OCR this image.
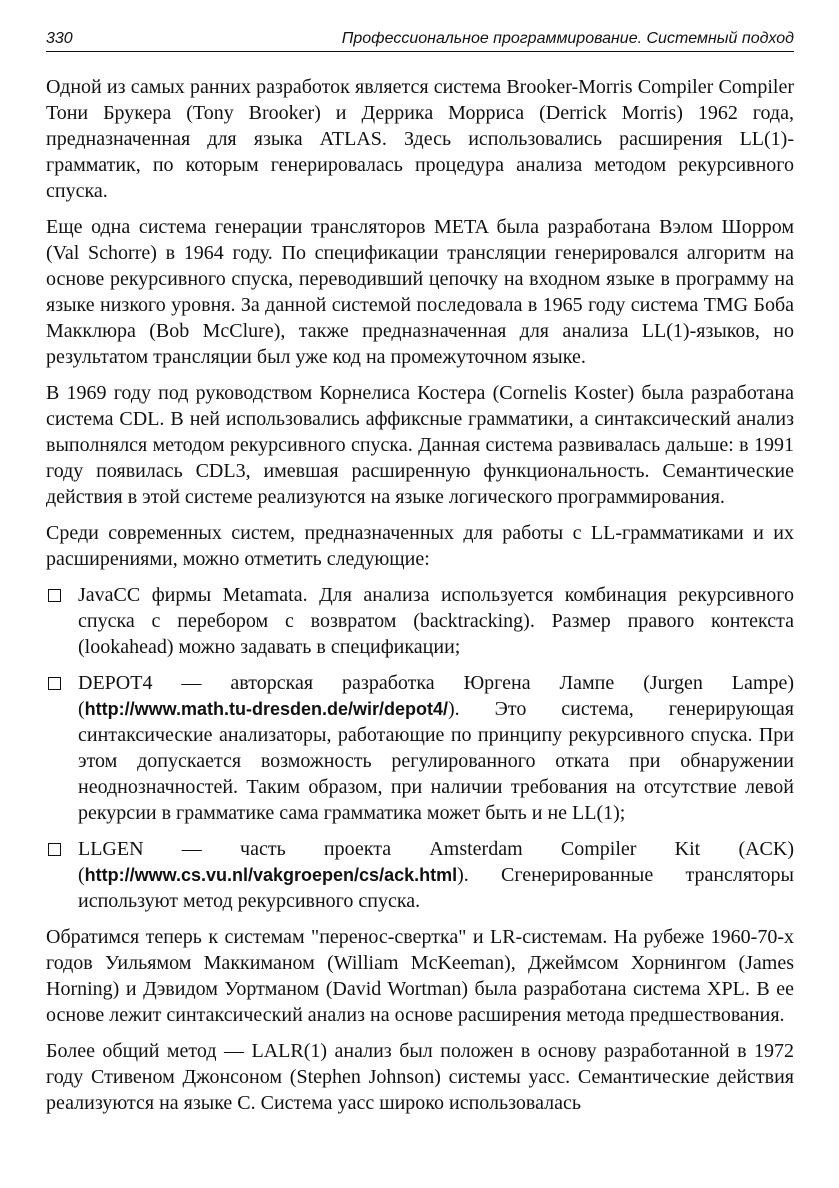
330	Профессиональное программирование. Системный подход

Одной из самых ранних разработок является система Brooker-Morris Compiler Compiler Тони Брукера (Tony Brooker) и Деррика Морриса (Derrick Morris) 1962 года, предназначенная для языка ATLAS. Здесь использовались расширения LL(1)-грамматик, по которым генерировалась процедура анализа методом рекурсивного спуска.

Еще одна система генерации трансляторов META была разработана Вэлом Шорром (Val Schorre) в 1964 году. По спецификации трансляции генерировался алгоритм на основе рекурсивного спуска, переводивший цепочку на входном языке в программу на языке низкого уровня. За данной системой последовала в 1965 году система TMG Боба Макклюра (Bob McClure), также предназначенная для анализа LL(1)-языков, но результатом трансляции был уже код на промежуточном языке.

В 1969 году под руководством Корнелиса Костера (Cornelis Koster) была разработана система CDL. В ней использовались аффиксные грамматики, а синтаксический анализ выполнялся методом рекурсивного спуска. Данная система развивалась дальше: в 1991 году появилась CDL3, имевшая расширенную функциональность. Семантические действия в этой системе реализуются на языке логического программирования.

Среди современных систем, предназначенных для работы с LL-грамматиками и их расширениями, можно отметить следующие:

JavaCC фирмы Metamata. Для анализа используется комбинация рекурсивного спуска с перебором с возвратом (backtracking). Размер правого контекста (lookahead) можно задавать в спецификации;
DEPOT4 — авторская разработка Юргена Лампе (Jurgen Lampe) (http://www.math.tu-dresden.de/wir/depot4/). Это система, генерирующая синтаксические анализаторы, работающие по принципу рекурсивного спуска. При этом допускается возможность регулированного отката при обнаружении неоднозначностей. Таким образом, при наличии требования на отсутствие левой рекурсии в грамматике сама грамматика может быть и не LL(1);
LLGEN — часть проекта Amsterdam Compiler Kit (ACK) (http://www.cs.vu.nl/vakgroepen/cs/ack.html). Сгенерированные трансляторы используют метод рекурсивного спуска.

Обратимся теперь к системам "перенос-свертка" и LR-системам. На рубеже 1960-70-х годов Уильямом Маккиманом (William McKeeman), Джеймсом Хорнингом (James Horning) и Дэвидом Уортманом (David Wortman) была разработана система XPL. В ее основе лежит синтаксический анализ на основе расширения метода предшествования.

Более общий метод — LALR(1) анализ был положен в основу разработанной в 1972 году Стивеном Джонсоном (Stephen Johnson) системы yacc. Семантические действия реализуются на языке C. Система yacc широко использовалась
